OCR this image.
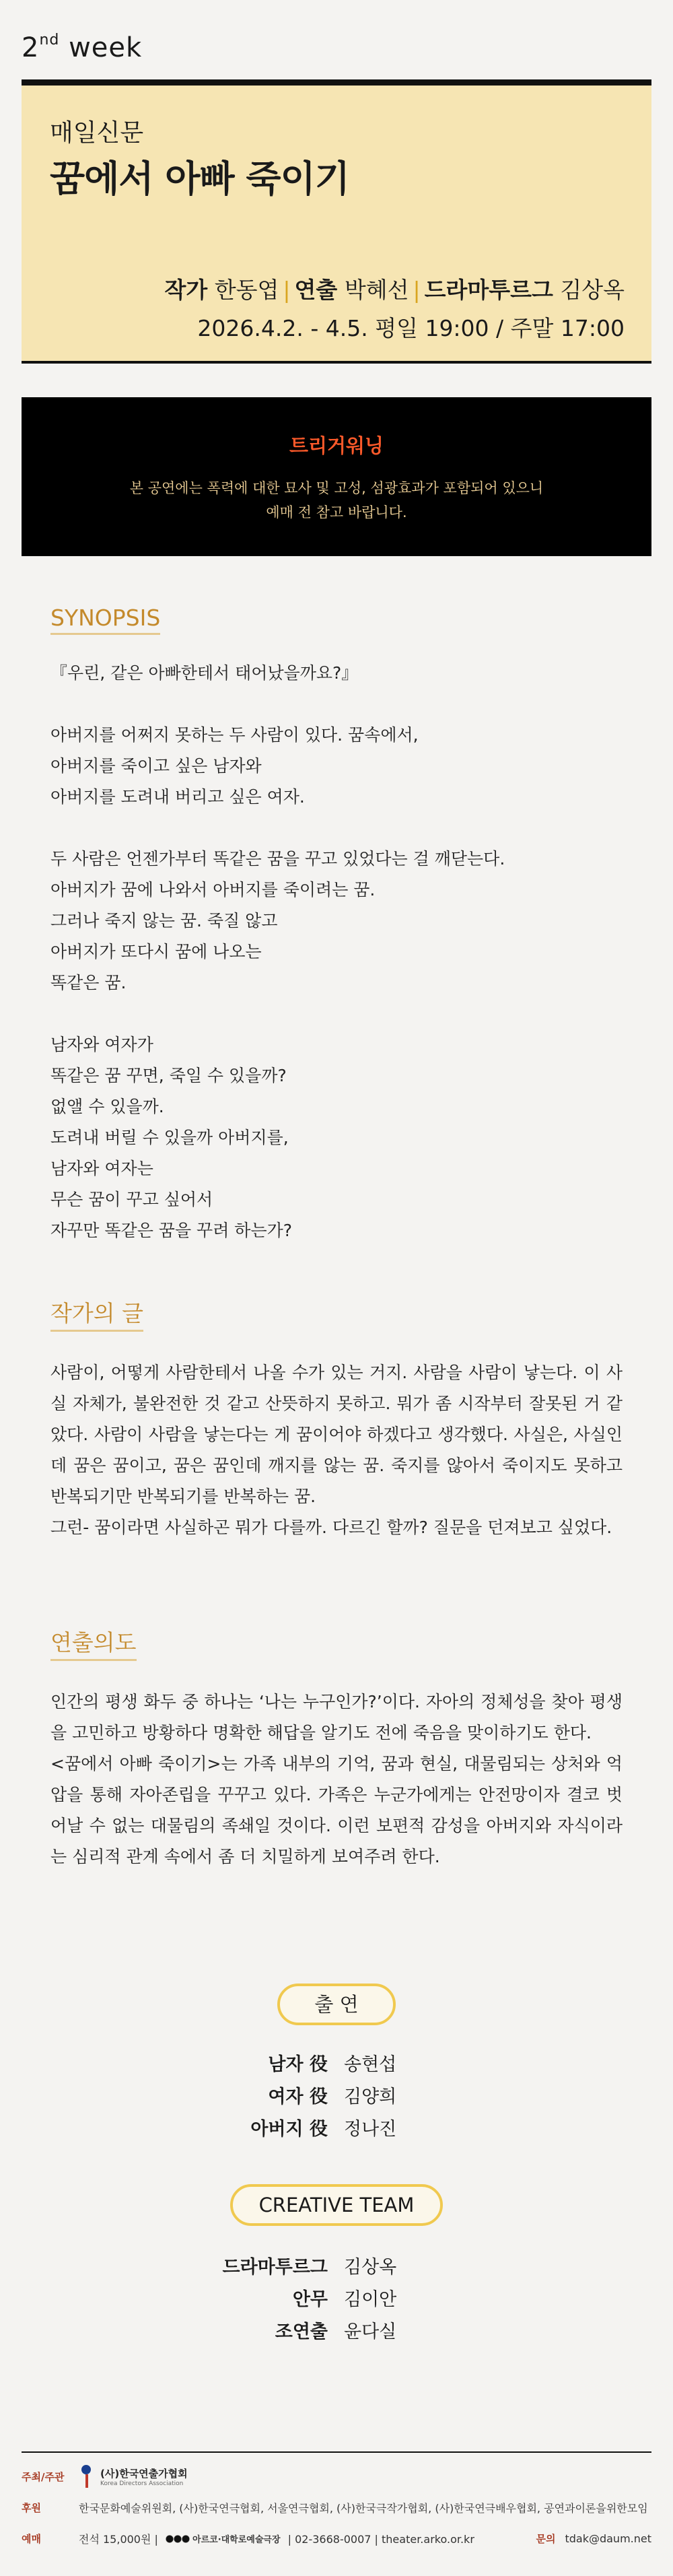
2nd week
매일신문
꿈에서 아빠 죽이기
작가 한동엽 | 연출 박혜선 | 드라마투르그 김상옥
2026.4.2. - 4.5. 평일 19:00 / 주말 17:00
트리거워닝
본 공연에는 폭력에 대한 묘사 및 고성, 섬광효과가 포함되어 있으니
예매 전 참고 바랍니다.
SYNOPSIS

『우린, 같은 아빠한테서 태어났을까요?』

아버지를 어쩌지 못하는 두 사람이 있다. 꿈속에서,
아버지를 죽이고 싶은 남자와
아버지를 도려내 버리고 싶은 여자.

두 사람은 언젠가부터 똑같은 꿈을 꾸고 있었다는 걸 깨닫는다.
아버지가 꿈에 나와서 아버지를 죽이려는 꿈.
그러나 죽지 않는 꿈. 죽질 않고
아버지가 또다시 꿈에 나오는
똑같은 꿈.

남자와 여자가
똑같은 꿈 꾸면, 죽일 수 있을까?
없앨 수 있을까.
도려내 버릴 수 있을까 아버지를,
남자와 여자는
무슨 꿈이 꾸고 싶어서
자꾸만 똑같은 꿈을 꾸려 하는가?

작가의 글

사람이, 어떻게 사람한테서 나올 수가 있는 거지. 사람을 사람이 낳는다. 이 사실 자체가, 불완전한 것 같고 산뜻하지 못하고. 뭐가 좀 시작부터 잘못된 거 같았다. 사람이 사람을 낳는다는 게 꿈이어야 하겠다고 생각했다. 사실은, 사실인데 꿈은 꿈이고, 꿈은 꿈인데 깨지를 않는 꿈. 죽지를 않아서 죽이지도 못하고 반복되기만 반복되기를 반복하는 꿈.
그런- 꿈이라면 사실하곤 뭐가 다를까. 다르긴 할까? 질문을 던져보고 싶었다.

연출의도

인간의 평생 화두 중 하나는 ‘나는 누구인가?’이다. 자아의 정체성을 찾아 평생을 고민하고 방황하다 명확한 해답을 알기도 전에 죽음을 맞이하기도 한다.
<꿈에서 아빠 죽이기>는 가족 내부의 기억, 꿈과 현실, 대물림되는 상처와 억압을 통해 자아존립을 꾸꾸고 있다. 가족은 누군가에게는 안전망이자 결코 벗어날 수 없는 대물림의 족쇄일 것이다. 이런 보편적 감성을 아버지와 자식이라는 심리적 관계 속에서 좀 더 치밀하게 보여주려 한다.

출 연
남자 役 송현섭
여자 役 김양희
아버지 役 정나진
CREATIVE TEAM
드라마투르그 김상옥
안무 김이안
조연출 윤다실
주최/주관	(사)한국연출가협회
Korea Directors Association
후원	한국문화예술위원회, (사)한국연극협회, 서울연극협회, (사)한국극작가협회, (사)한국연극배우협회, 공연과이론을위한모임
예매	전석 15,000원 |	아르코·대학로예술극장 | 02-3668-0007 | theater.arko.or.kr	문의 tdak@daum.net
